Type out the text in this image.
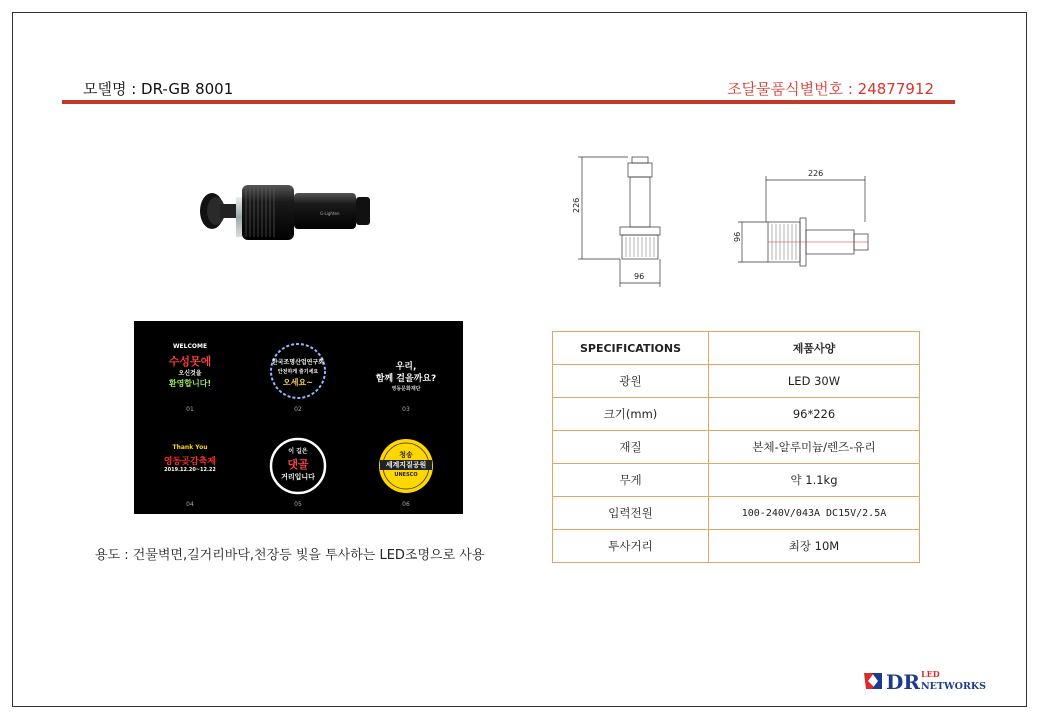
모델명 : DR-GB 8001	조달물품식별번호 : 24877912
G-Lighten
226
96
226
96
WELCOME
수성못에
오신것을
환영합니다!
01
한국조명산업연구회
안전하게 즐기세요
오세요~
02
우리,
함께 걸을까요?
영동문화재단
03
Thank You
영동곶감축제
2019.12.20~12.22
04
이 길은
댓골
거리입니다
05
청송
세계지질공원
UNESCO
06
용도 : 건물벽면,길거리바닥,천장등 빛을 투사하는 LED조명으로 사용
SPECIFICATIONS	제품사양
광원	LED 30W
크기(mm)	96*226
재질	본체-알루미늄/렌즈-유리
무게	약 1.1kg
입력전원	100-240V/043A DC15V/2.5A
투사거리	최장 10M
DR LED
NETWORKS
